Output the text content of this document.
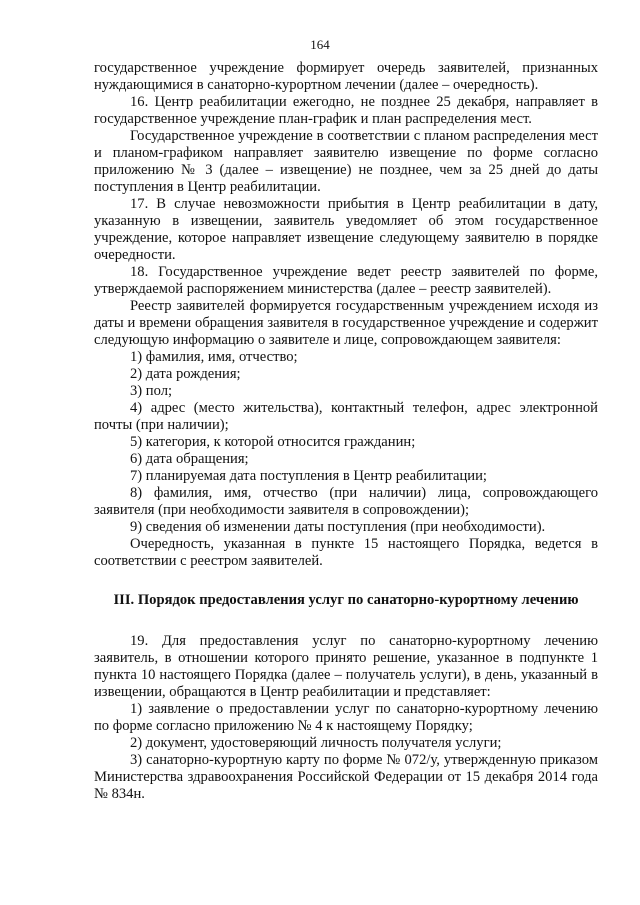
164

государственное учреждение формирует очередь заявителей, признанных нуждающимися в санаторно-курортном лечении (далее – очередность).

16. Центр реабилитации ежегодно, не позднее 25 декабря, направляет в государственное учреждение план-график и план распределения мест.

Государственное учреждение в соответствии с планом распределения мест и планом-графиком направляет заявителю извещение по форме согласно приложению № 3 (далее – извещение) не позднее, чем за 25 дней до даты поступления в Центр реабилитации.

17. В случае невозможности прибытия в Центр реабилитации в дату, указанную в извещении, заявитель уведомляет об этом государственное учреждение, которое направляет извещение следующему заявителю в порядке очередности.

18. Государственное учреждение ведет реестр заявителей по форме, утверждаемой распоряжением министерства (далее – реестр заявителей).

Реестр заявителей формируется государственным учреждением исходя из даты и времени обращения заявителя в государственное учреждение и содержит следующую информацию о заявителе и лице, сопровождающем заявителя:

1) фамилия, имя, отчество;

2) дата рождения;

3) пол;

4) адрес (место жительства), контактный телефон, адрес электронной почты (при наличии);

5) категория, к которой относится гражданин;

6) дата обращения;

7) планируемая дата поступления в Центр реабилитации;

8) фамилия, имя, отчество (при наличии) лица, сопровождающего заявителя (при необходимости заявителя в сопровождении);

9) сведения об изменении даты поступления (при необходимости).

Очередность, указанная в пункте 15 настоящего Порядка, ведется в соответствии с реестром заявителей.

III. Порядок предоставления услуг по санаторно-курортному лечению

19. Для предоставления услуг по санаторно-курортному лечению заявитель, в отношении которого принято решение, указанное в подпункте 1 пункта 10 настоящего Порядка (далее – получатель услуги), в день, указанный в извещении, обращаются в Центр реабилитации и представляет:

1) заявление о предоставлении услуг по санаторно-курортному лечению по форме согласно приложению № 4 к настоящему Порядку;

2) документ, удостоверяющий личность получателя услуги;

3) санаторно-курортную карту по форме № 072/у, утвержденную приказом Министерства здравоохранения Российской Федерации от 15 декабря 2014 года № 834н.
